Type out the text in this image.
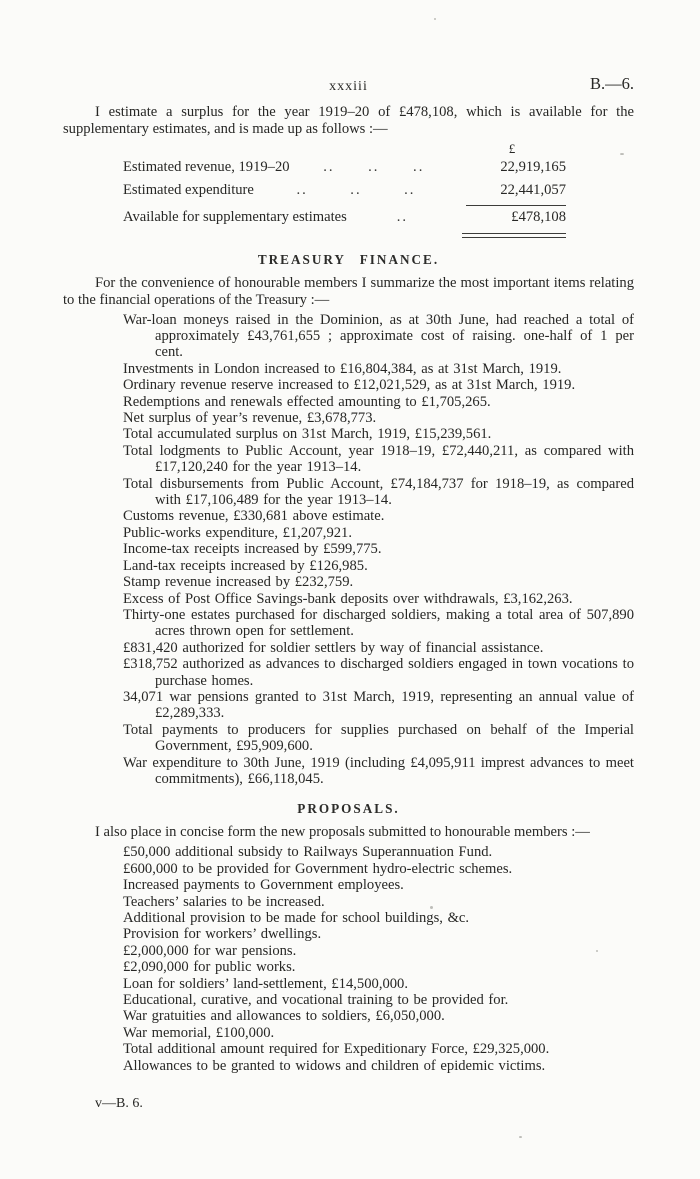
xxxiii	B.—6.

I estimate a surplus for the year 1919–20 of £478,108, which is available for the supplementary estimates, and is made up as follows :—

£
Estimated revenue, 1919–20 .. .. ..	22,919,165
Estimated expenditure	..	..	..	22,441,057
Available for supplementary estimates	..	£478,108
TREASURY FINANCE.

For the convenience of honourable members I summarize the most important items relating to the financial operations of the Treasury :—

War-loan moneys raised in the Dominion, as at 30th June, had reached a total of approximately £43,761,655 ; approximate cost of raising. one-half of 1 per cent.
Investments in London increased to £16,804,384, as at 31st March, 1919.
Ordinary revenue reserve increased to £12,021,529, as at 31st March, 1919.
Redemptions and renewals effected amounting to £1,705,265.
Net surplus of year’s revenue, £3,678,773.
Total accumulated surplus on 31st March, 1919, £15,239,561.
Total lodgments to Public Account, year 1918–19, £72,440,211, as compared with £17,120,240 for the year 1913–14.
Total disbursements from Public Account, £74,184,737 for 1918–19, as compared with £17,106,489 for the year 1913–14.
Customs revenue, £330,681 above estimate.
Public-works expenditure, £1,207,921.
Income-tax receipts increased by £599,775.
Land-tax receipts increased by £126,985.
Stamp revenue increased by £232,759.
Excess of Post Office Savings-bank deposits over withdrawals, £3,162,263.
Thirty-one estates purchased for discharged soldiers, making a total area of 507,890 acres thrown open for settlement.
£831,420 authorized for soldier settlers by way of financial assistance.
£318,752 authorized as advances to discharged soldiers engaged in town vocations to purchase homes.
34,071 war pensions granted to 31st March, 1919, representing an annual value of £2,289,333.
Total payments to producers for supplies purchased on behalf of the Imperial Government, £95,909,600.
War expenditure to 30th June, 1919 (including £4,095,911 imprest advances to meet commitments), £66,118,045.
PROPOSALS.

I also place in concise form the new proposals submitted to honourable members :—

£50,000 additional subsidy to Railways Superannuation Fund.
£600,000 to be provided for Government hydro-electric schemes.
Increased payments to Government employees.
Teachers’ salaries to be increased.
Additional provision to be made for school buildings, &c.
Provision for workers’ dwellings.
£2,000,000 for war pensions.
£2,090,000 for public works.
Loan for soldiers’ land-settlement, £14,500,000.
Educational, curative, and vocational training to be provided for.
War gratuities and allowances to soldiers, £6,050,000.
War memorial, £100,000.
Total additional amount required for Expeditionary Force, £29,325,000.
Allowances to be granted to widows and children of epidemic victims.
v—B. 6.
